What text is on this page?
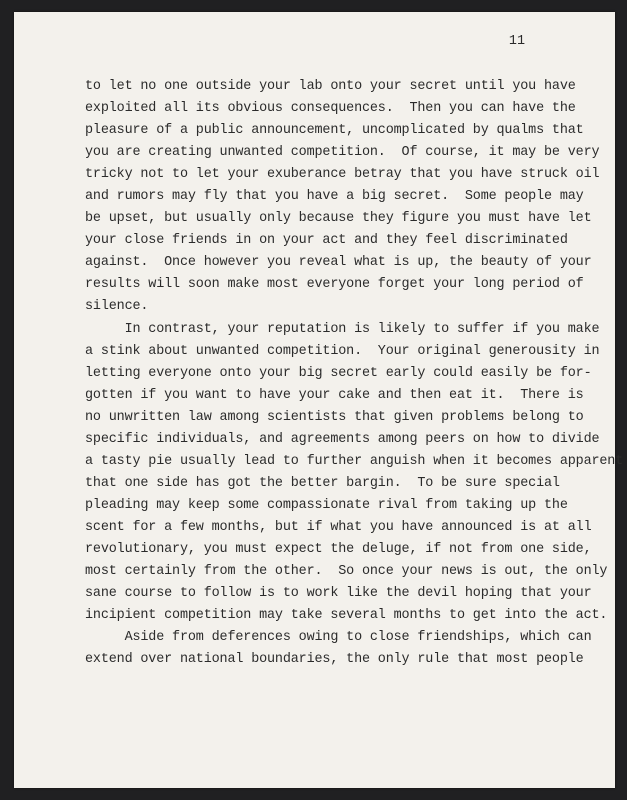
11
to let no one outside your lab onto your secret until you have
exploited all its obvious consequences.  Then you can have the
pleasure of a public announcement, uncomplicated by qualms that
you are creating unwanted competition.  Of course, it may be very
tricky not to let your exuberance betray that you have struck oil
and rumors may fly that you have a big secret.  Some people may
be upset, but usually only because they figure you must have let
your close friends in on your act and they feel discriminated
against.  Once however you reveal what is up, the beauty of your
results will soon make most everyone forget your long period of
silence.
In contrast, your reputation is likely to suffer if you make
a stink about unwanted competition.  Your original generousity in
letting everyone onto your big secret early could easily be for-
gotten if you want to have your cake and then eat it.  There is
no unwritten law among scientists that given problems belong to
specific individuals, and agreements among peers on how to divide
a tasty pie usually lead to further anguish when it becomes apparent
that one side has got the better bargin.  To be sure special
pleading may keep some compassionate rival from taking up the
scent for a few months, but if what you have announced is at all
revolutionary, you must expect the deluge, if not from one side,
most certainly from the other.  So once your news is out, the only
sane course to follow is to work like the devil hoping that your
incipient competition may take several months to get into the act.
Aside from deferences owing to close friendships, which can
extend over national boundaries, the only rule that most people
